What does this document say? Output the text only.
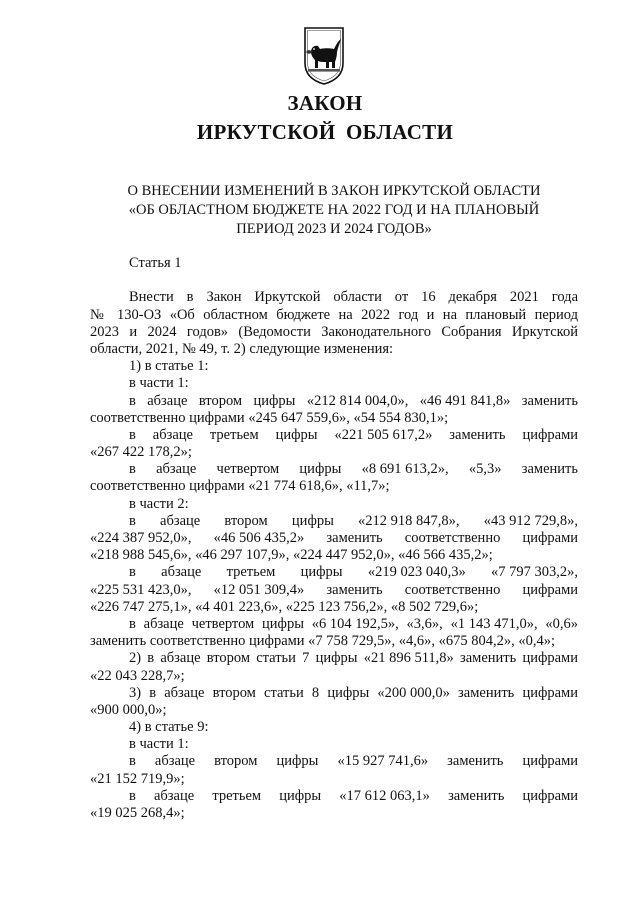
ЗАКОН
ИРКУТСКОЙ ОБЛАСТИ
О ВНЕСЕНИИ ИЗМЕНЕНИЙ В ЗАКОН ИРКУТСКОЙ ОБЛАСТИ
«ОБ ОБЛАСТНОМ БЮДЖЕТЕ НА 2022 ГОД И НА ПЛАНОВЫЙ
ПЕРИОД 2023 И 2024 ГОДОВ»
Статья 1
Внести в Закон Иркутской области от 16 декабря 2021 года
№ 130-ОЗ «Об областном бюджете на 2022 год и на плановый период
2023 и 2024 годов» (Ведомости Законодательного Собрания Иркутской
области, 2021, № 49, т. 2) следующие изменения:
1) в статье 1:
в части 1:
в абзаце втором цифры «212 814 004,0», «46 491 841,8» заменить
соответственно цифрами «245 647 559,6», «54 554 830,1»;
в абзаце третьем цифры «221 505 617,2» заменить цифрами
«267 422 178,2»;
в абзаце четвертом цифры «8 691 613,2», «5,3» заменить
соответственно цифрами «21 774 618,6», «11,7»;
в части 2:
в абзаце втором цифры «212 918 847,8», «43 912 729,8»,
«224 387 952,0», «46 506 435,2» заменить соответственно цифрами
«218 988 545,6», «46 297 107,9», «224 447 952,0», «46 566 435,2»;
в абзаце третьем цифры «219 023 040,3» «7 797 303,2»,
«225 531 423,0», «12 051 309,4» заменить соответственно цифрами
«226 747 275,1», «4 401 223,6», «225 123 756,2», «8 502 729,6»;
в абзаце четвертом цифры «6 104 192,5», «3,6», «1 143 471,0», «0,6»
заменить соответственно цифрами «7 758 729,5», «4,6», «675 804,2», «0,4»;
2) в абзаце втором статьи 7 цифры «21 896 511,8» заменить цифрами
«22 043 228,7»;
3) в абзаце втором статьи 8 цифры «200 000,0» заменить цифрами
«900 000,0»;
4) в статье 9:
в части 1:
в абзаце втором цифры «15 927 741,6» заменить цифрами
«21 152 719,9»;
в абзаце третьем цифры «17 612 063,1» заменить цифрами
«19 025 268,4»;
